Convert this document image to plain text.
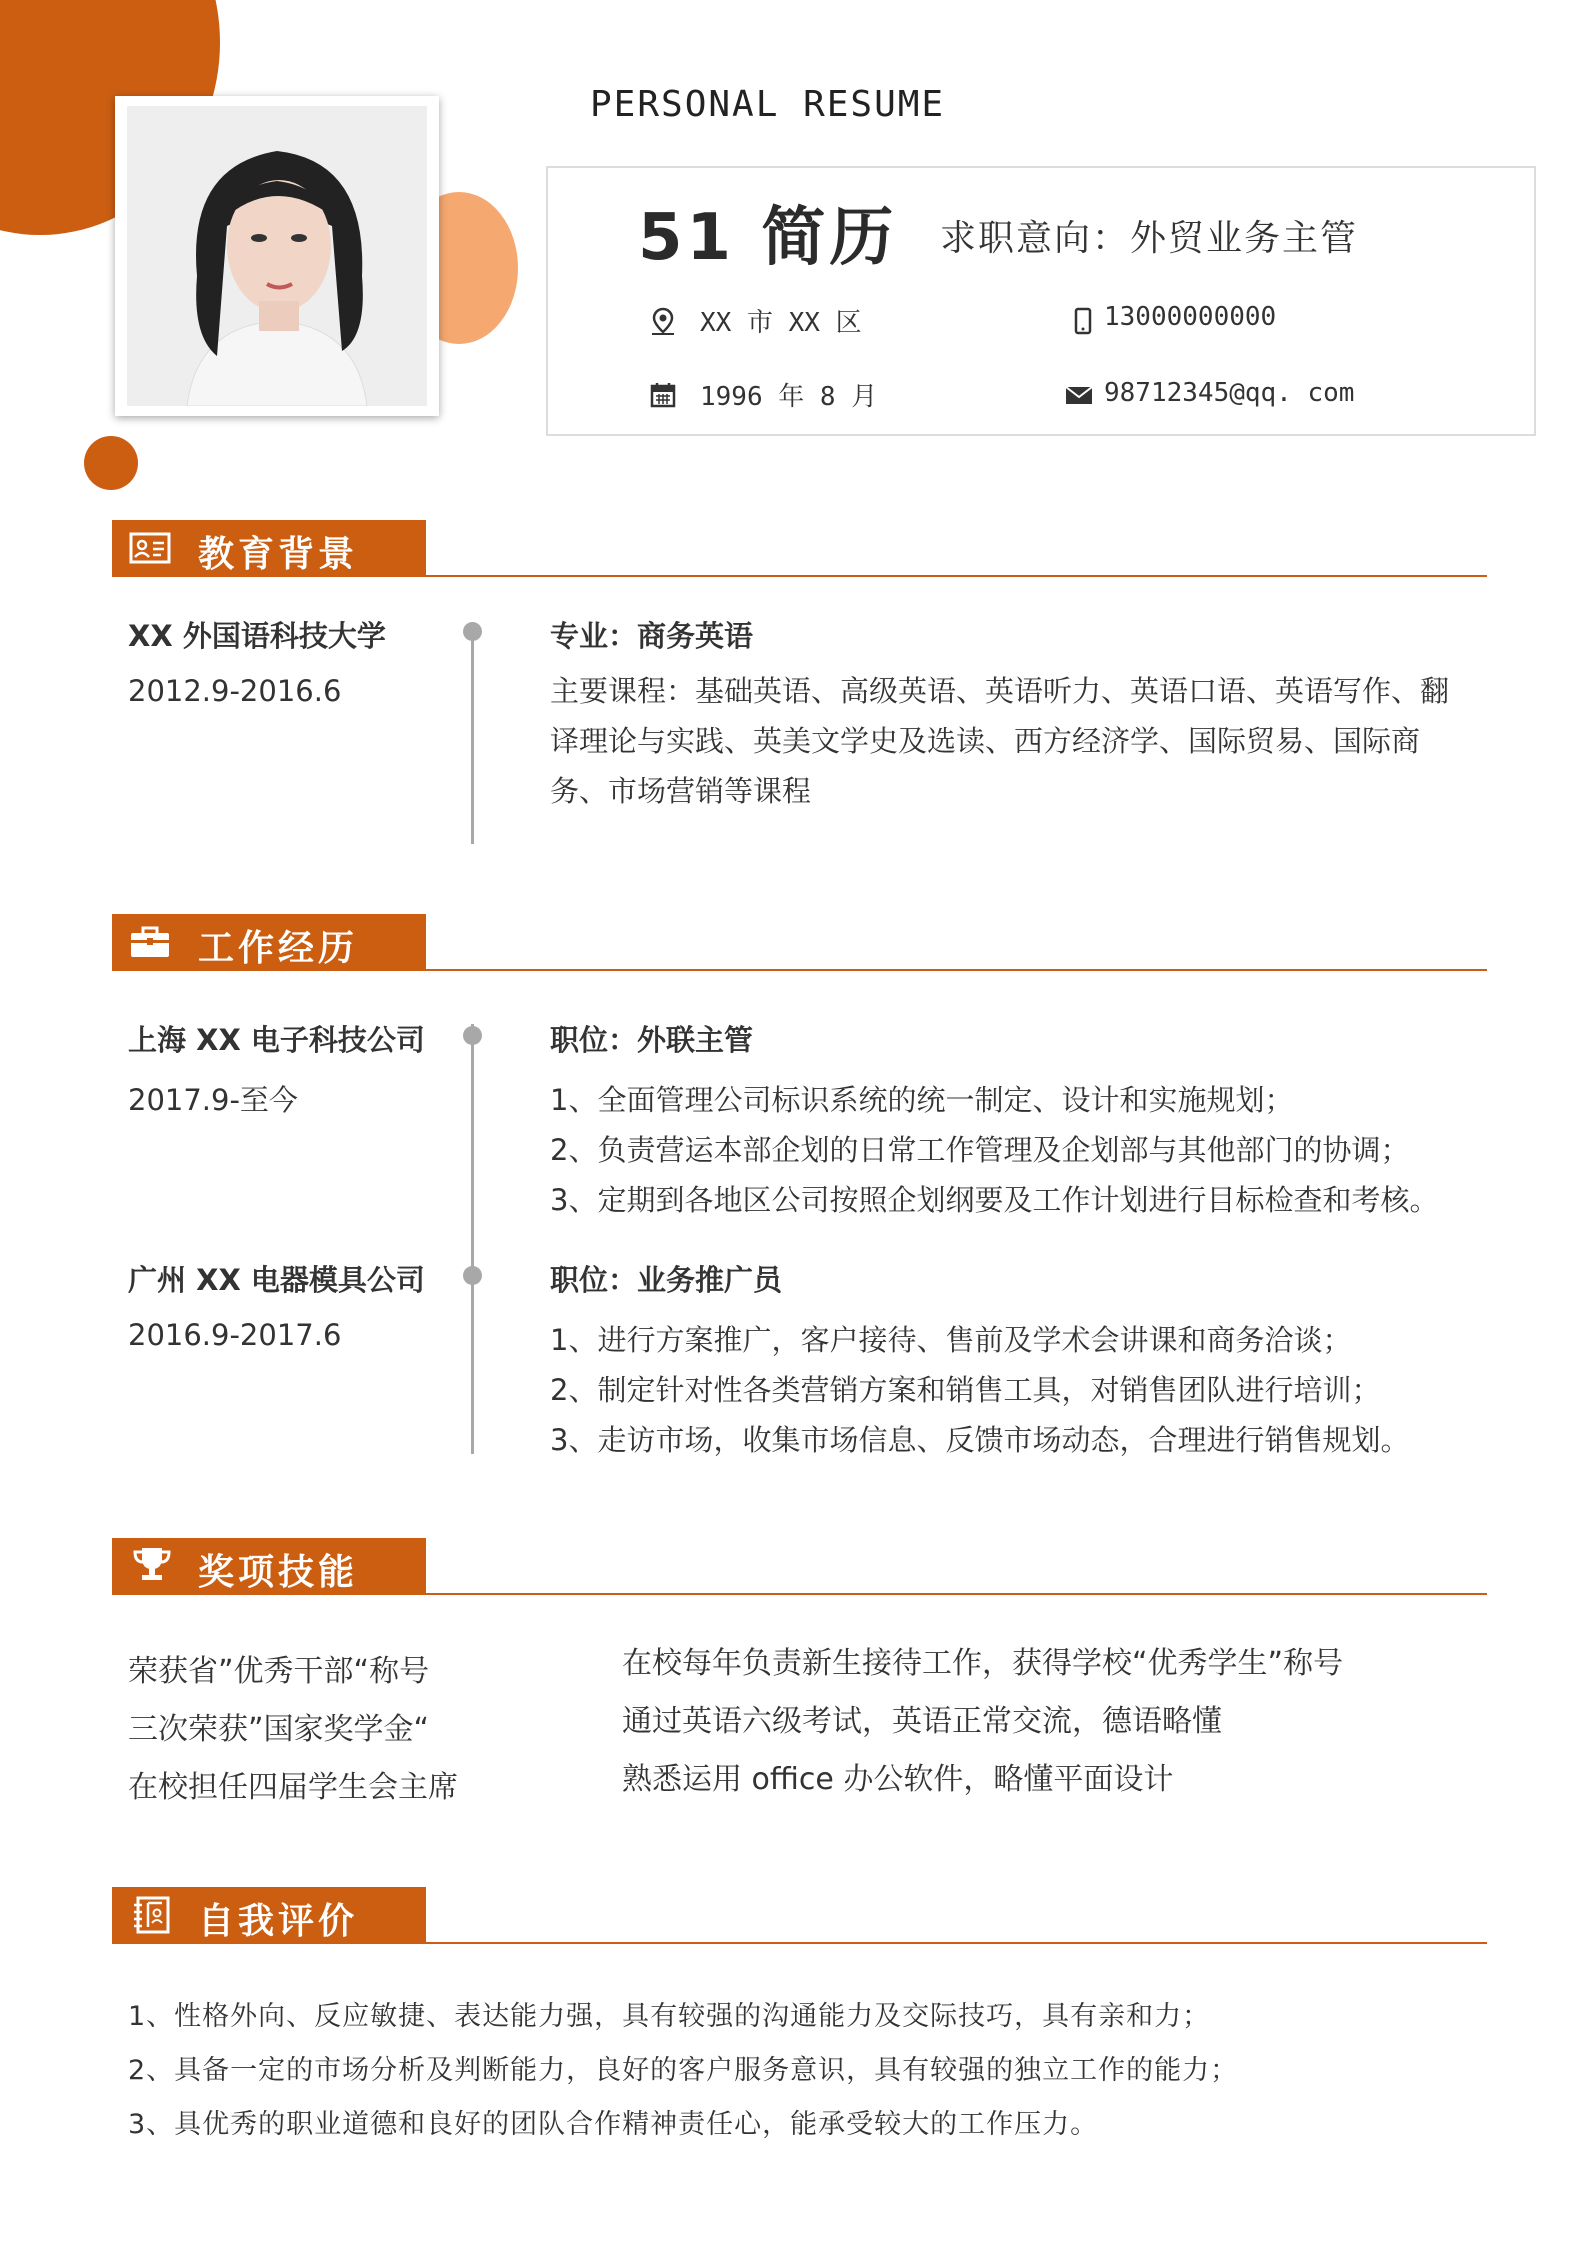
PERSONAL RESUME
51 简历 求职意向：外贸业务主管
XX 市 XX 区	13000000000
1996 年 8 月	98712345@qq. com
教育背景
XX 外国语科技大学
2012.9-2016.6
专业：商务英语
主要课程：基础英语、高级英语、英语听力、英语口语、英语写作、翻译理论与实践、英美文学史及选读、西方经济学、国际贸易、国际商务、市场营销等课程
工作经历
上海 XX 电子科技公司
2017.9-至今
职位：外联主管
1、全面管理公司标识系统的统一制定、设计和实施规划；
2、负责营运本部企划的日常工作管理及企划部与其他部门的协调；
3、定期到各地区公司按照企划纲要及工作计划进行目标检查和考核。
广州 XX 电器模具公司
2016.9-2017.6
职位：业务推广员
1、进行方案推广，客户接待、售前及学术会讲课和商务洽谈；
2、制定针对性各类营销方案和销售工具，对销售团队进行培训；
3、走访市场，收集市场信息、反馈市场动态，合理进行销售规划。
奖项技能
荣获省”优秀干部“称号
三次荣获”国家奖学金“
在校担任四届学生会主席
在校每年负责新生接待工作，获得学校“优秀学生”称号
通过英语六级考试，英语正常交流，德语略懂
熟悉运用 office 办公软件，略懂平面设计
自我评价
1、性格外向、反应敏捷、表达能力强，具有较强的沟通能力及交际技巧，具有亲和力；
2、具备一定的市场分析及判断能力，良好的客户服务意识，具有较强的独立工作的能力；
3、具优秀的职业道德和良好的团队合作精神责任心，能承受较大的工作压力。
